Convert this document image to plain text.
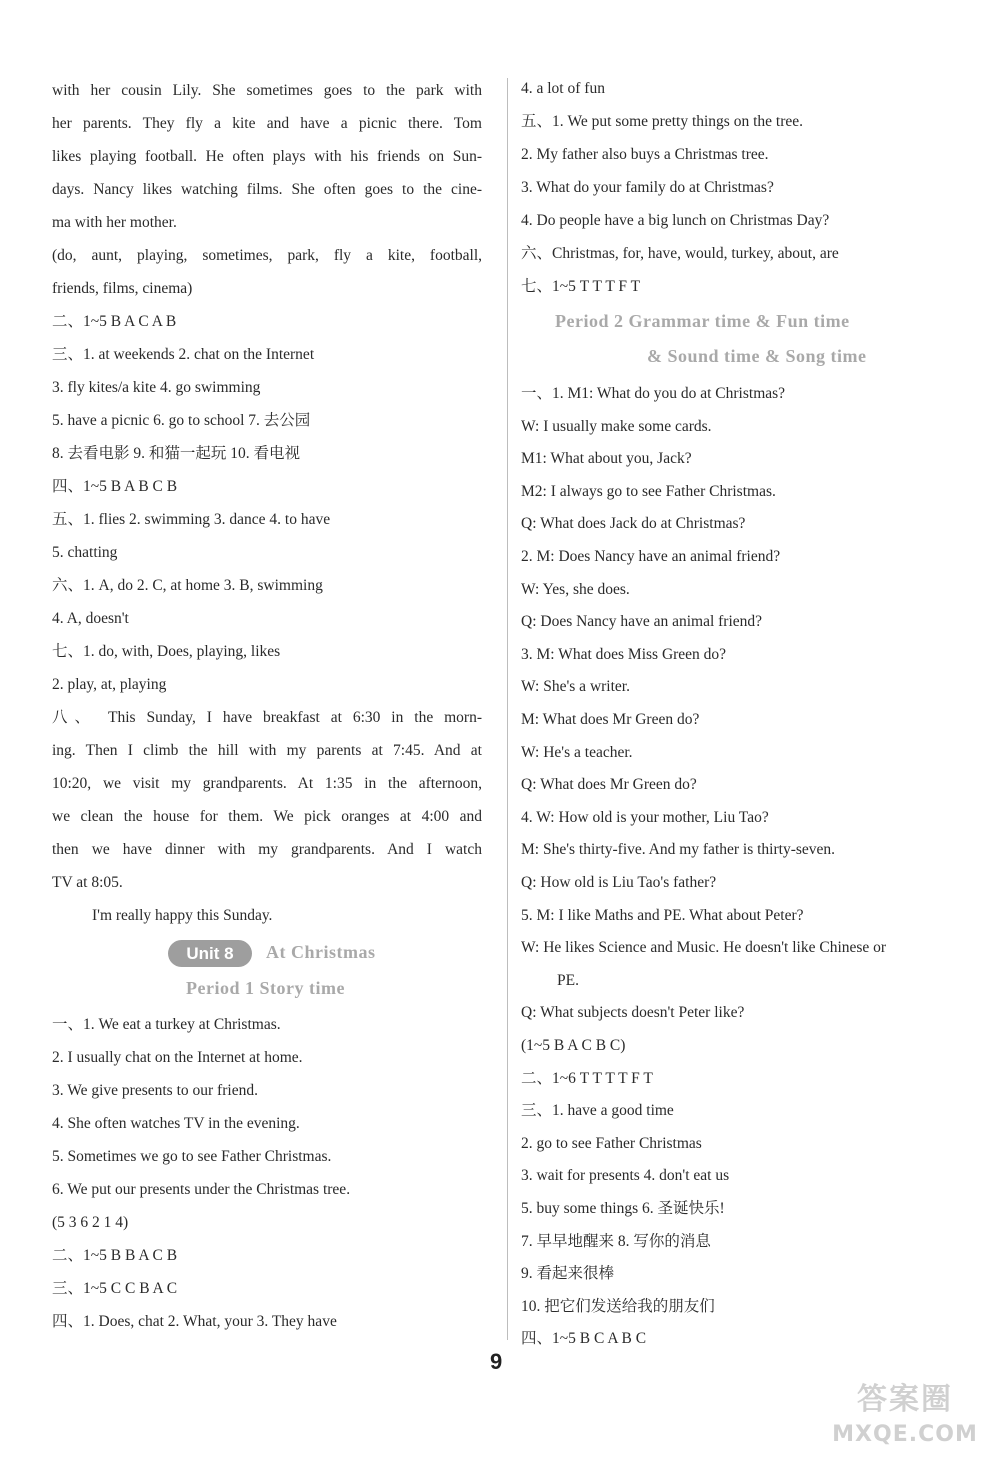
with her cousin Lily. She sometimes goes to the park with
her parents. They fly a kite and have a picnic there. Tom
likes playing football. He often plays with his friends on Sun-
days. Nancy likes watching films. She often goes to the cine-
ma with her mother.
(do, aunt, playing, sometimes, park, fly a kite, football,
friends, films, cinema)
二、1~5 B A C A B
三、1. at weekends 2. chat on the Internet
3. fly kites/a kite 4. go swimming
5. have a picnic 6. go to school 7. 去公园
8. 去看电影 9. 和猫一起玩 10. 看电视
四、1~5 B A B C B
五、1. flies 2. swimming 3. dance 4. to have
5. chatting
六、1. A, do 2. C, at home 3. B, swimming
4. A, doesn't
七、1. do, with, Does, playing, likes
2. play, at, playing
八、 This Sunday, I have breakfast at 6:30 in the morn-
ing. Then I climb the hill with my parents at 7:45. And at
10:20, we visit my grandparents. At 1:35 in the afternoon,
we clean the house for them. We pick oranges at 4:00 and
then we have dinner with my grandparents. And I watch
TV at 8:05.
I'm really happy this Sunday.
Unit 8	At Christmas
Period 1 Story time
一、1. We eat a turkey at Christmas.
2. I usually chat on the Internet at home.
3. We give presents to our friend.
4. She often watches TV in the evening.
5. Sometimes we go to see Father Christmas.
6. We put our presents under the Christmas tree.
(5 3 6 2 1 4)
二、1~5 B B A C B
三、1~5 C C B A C
四、1. Does, chat 2. What, your 3. They have
4. a lot of fun
五、1. We put some pretty things on the tree.
2. My father also buys a Christmas tree.
3. What do your family do at Christmas?
4. Do people have a big lunch on Christmas Day?
六、Christmas, for, have, would, turkey, about, are
七、1~5 T T T F T
Period 2 Grammar time & Fun time
& Sound time & Song time
一、1. M1: What do you do at Christmas?
W: I usually make some cards.
M1: What about you, Jack?
M2: I always go to see Father Christmas.
Q: What does Jack do at Christmas?
2. M: Does Nancy have an animal friend?
W: Yes, she does.
Q: Does Nancy have an animal friend?
3. M: What does Miss Green do?
W: She's a writer.
M: What does Mr Green do?
W: He's a teacher.
Q: What does Mr Green do?
4. W: How old is your mother, Liu Tao?
M: She's thirty-five. And my father is thirty-seven.
Q: How old is Liu Tao's father?
5. M: I like Maths and PE. What about Peter?
W: He likes Science and Music. He doesn't like Chinese or
PE.
Q: What subjects doesn't Peter like?
(1~5 B A C B C)
二、1~6 T T T T F T
三、1. have a good time
2. go to see Father Christmas
3. wait for presents 4. don't eat us
5. buy some things 6. 圣诞快乐!
7. 早早地醒来 8. 写你的消息
9. 看起来很棒
10. 把它们发送给我的朋友们
四、1~5 B C A B C
9
答案圈
MXQE.COM
